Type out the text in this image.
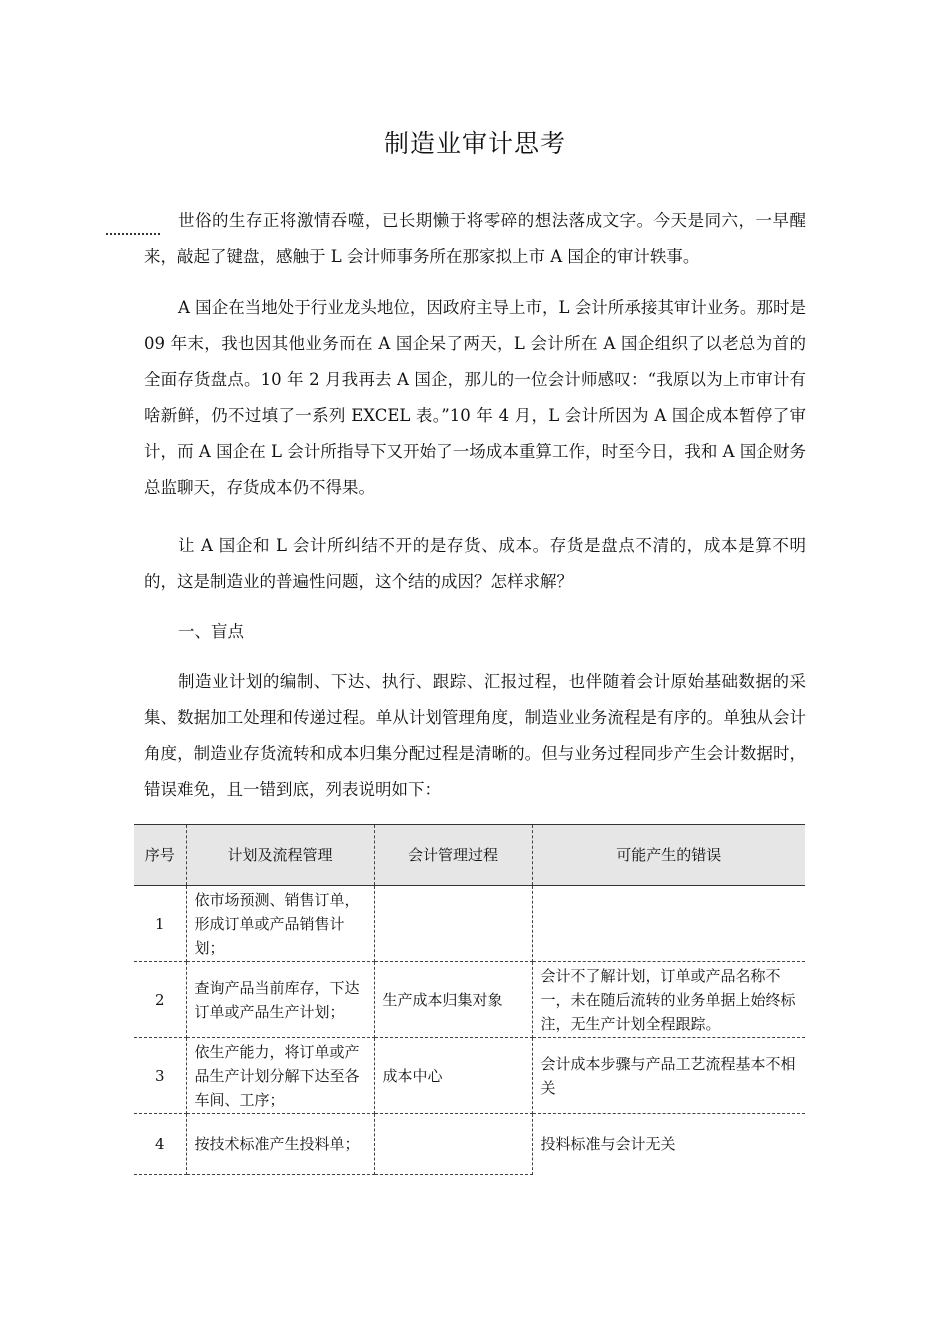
制造业审计思考

世俗的生存正将激情吞噬，已长期懒于将零碎的想法落成文字。今天是同六，一早醒来，敲起了键盘，感触于 L 会计师事务所在那家拟上市 A 国企的审计轶事。

A 国企在当地处于行业龙头地位，因政府主导上市，L 会计所承接其审计业务。那时是 09 年末，我也因其他业务而在 A 国企呆了两天，L 会计所在 A 国企组织了以老总为首的全面存货盘点。10 年 2 月我再去 A 国企，那儿的一位会计师感叹：“我原以为上市审计有啥新鲜，仍不过填了一系列 EXCEL 表。”10 年 4 月，L 会计所因为 A 国企成本暂停了审计，而 A 国企在 L 会计所指导下又开始了一场成本重算工作，时至今日，我和 A 国企财务总监聊天，存货成本仍不得果。

让 A 国企和 L 会计所纠结不开的是存货、成本。存货是盘点不清的，成本是算不明的，这是制造业的普遍性问题，这个结的成因？怎样求解？

一、盲点

制造业计划的编制、下达、执行、跟踪、汇报过程，也伴随着会计原始基础数据的采集、数据加工处理和传递过程。单从计划管理角度，制造业业务流程是有序的。单独从会计角度，制造业存货流转和成本归集分配过程是清晰的。但与业务过程同步产生会计数据时，错误难免，且一错到底，列表说明如下：

序号	计划及流程管理	会计管理过程	可能产生的错误
1	依市场预测、销售订单，形成订单或产品销售计划；		
2	查询产品当前库存，下达订单或产品生产计划；	生产成本归集对象	会计不了解计划，订单或产品名称不一，未在随后流转的业务单据上始终标注，无生产计划全程跟踪。
3	依生产能力，将订单或产品生产计划分解下达至各车间、工序；	成本中心	会计成本步骤与产品工艺流程基本不相关
4	按技术标准产生投料单；		投料标准与会计无关
